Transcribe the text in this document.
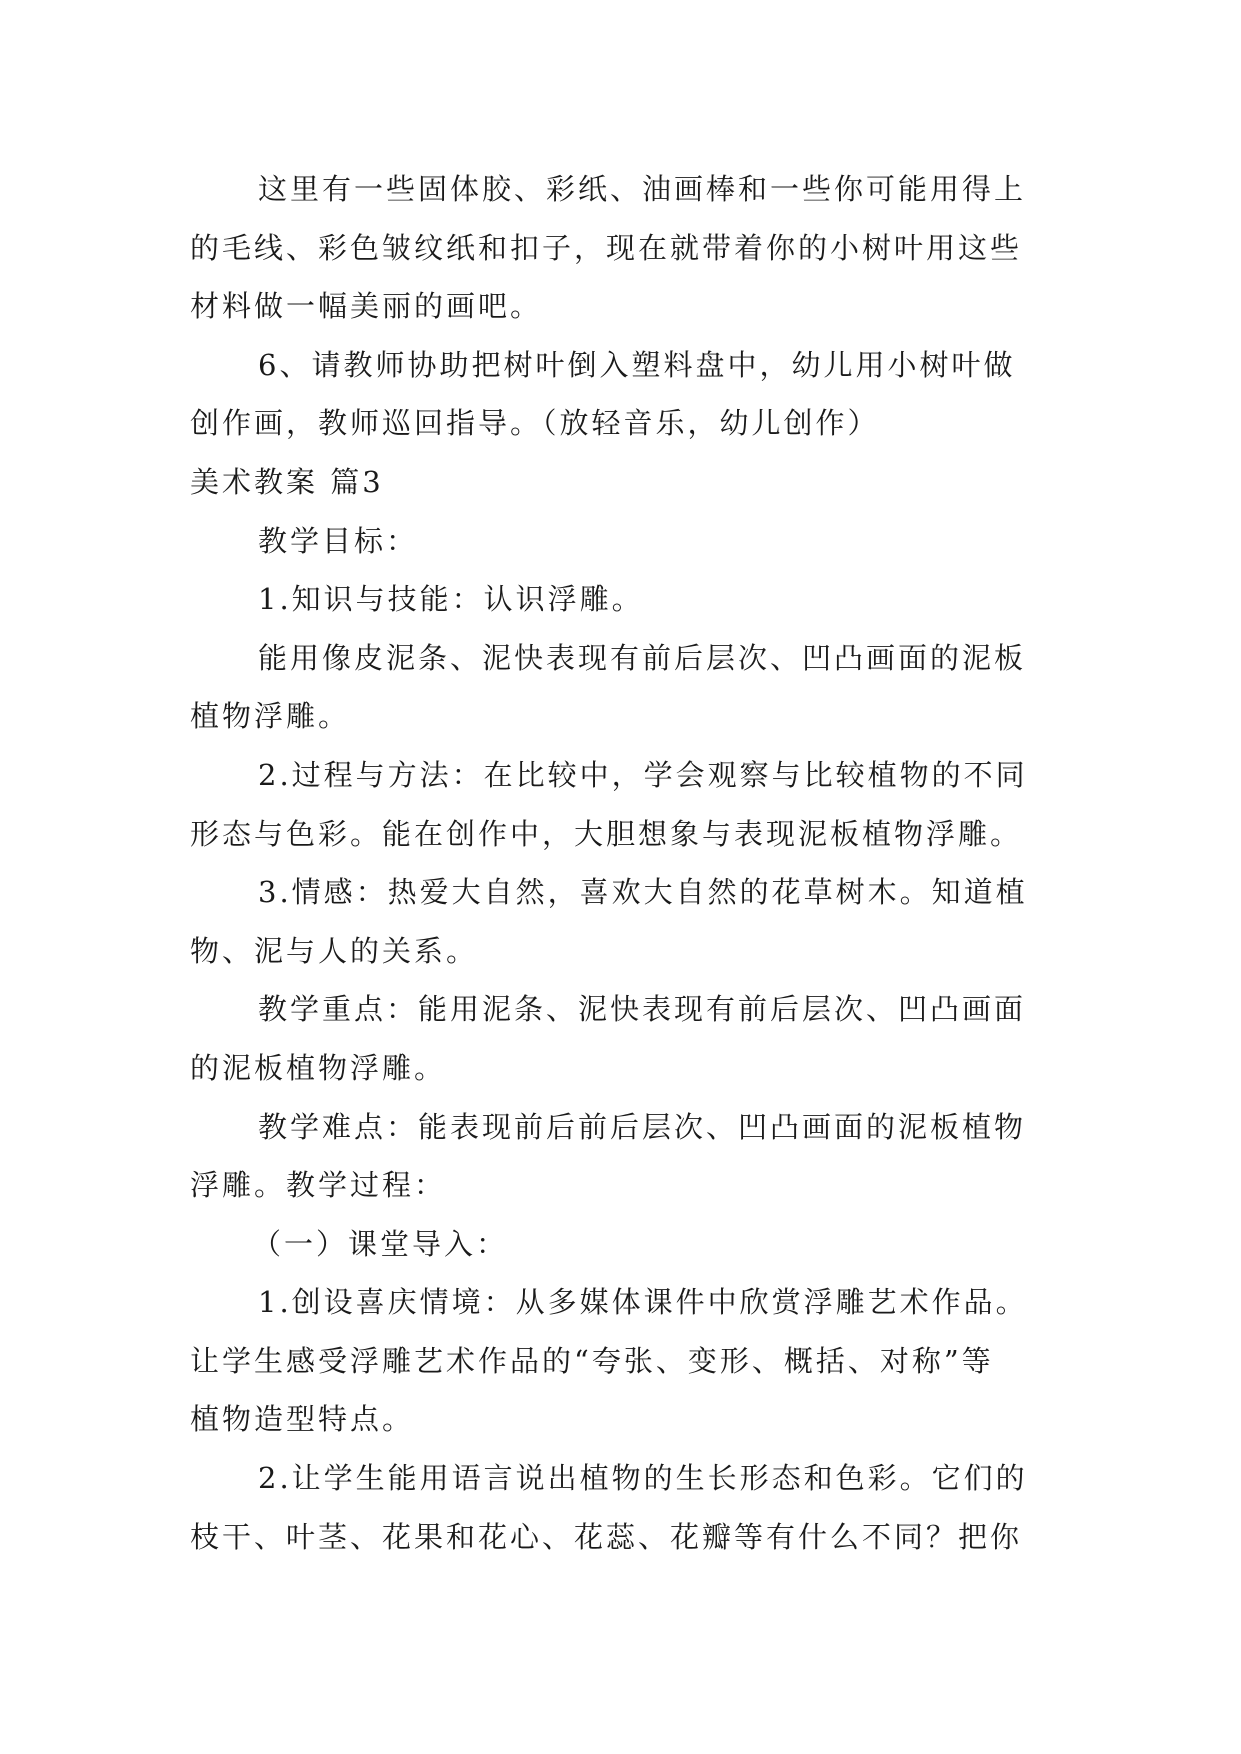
这里有一些固体胶、彩纸、油画棒和一些你可能用得上
的毛线、彩色皱纹纸和扣子，现在就带着你的小树叶用这些
材料做一幅美丽的画吧。
6、请教师协助把树叶倒入塑料盘中，幼儿用小树叶做
创作画，教师巡回指导。（放轻音乐，幼儿创作）
美术教案 篇3
教学目标：
1.知识与技能：认识浮雕。
能用像皮泥条、泥快表现有前后层次、凹凸画面的泥板
植物浮雕。
2.过程与方法：在比较中，学会观察与比较植物的不同
形态与色彩。能在创作中，大胆想象与表现泥板植物浮雕。
3.情感：热爱大自然，喜欢大自然的花草树木。知道植
物、泥与人的关系。
教学重点：能用泥条、泥快表现有前后层次、凹凸画面
的泥板植物浮雕。
教学难点：能表现前后前后层次、凹凸画面的泥板植物
浮雕。教学过程：
（一）课堂导入：
1.创设喜庆情境：从多媒体课件中欣赏浮雕艺术作品。
让学生感受浮雕艺术作品的“夸张、变形、概括、对称”等
植物造型特点。
2.让学生能用语言说出植物的生长形态和色彩。它们的
枝干、叶茎、花果和花心、花蕊、花瓣等有什么不同？把你
